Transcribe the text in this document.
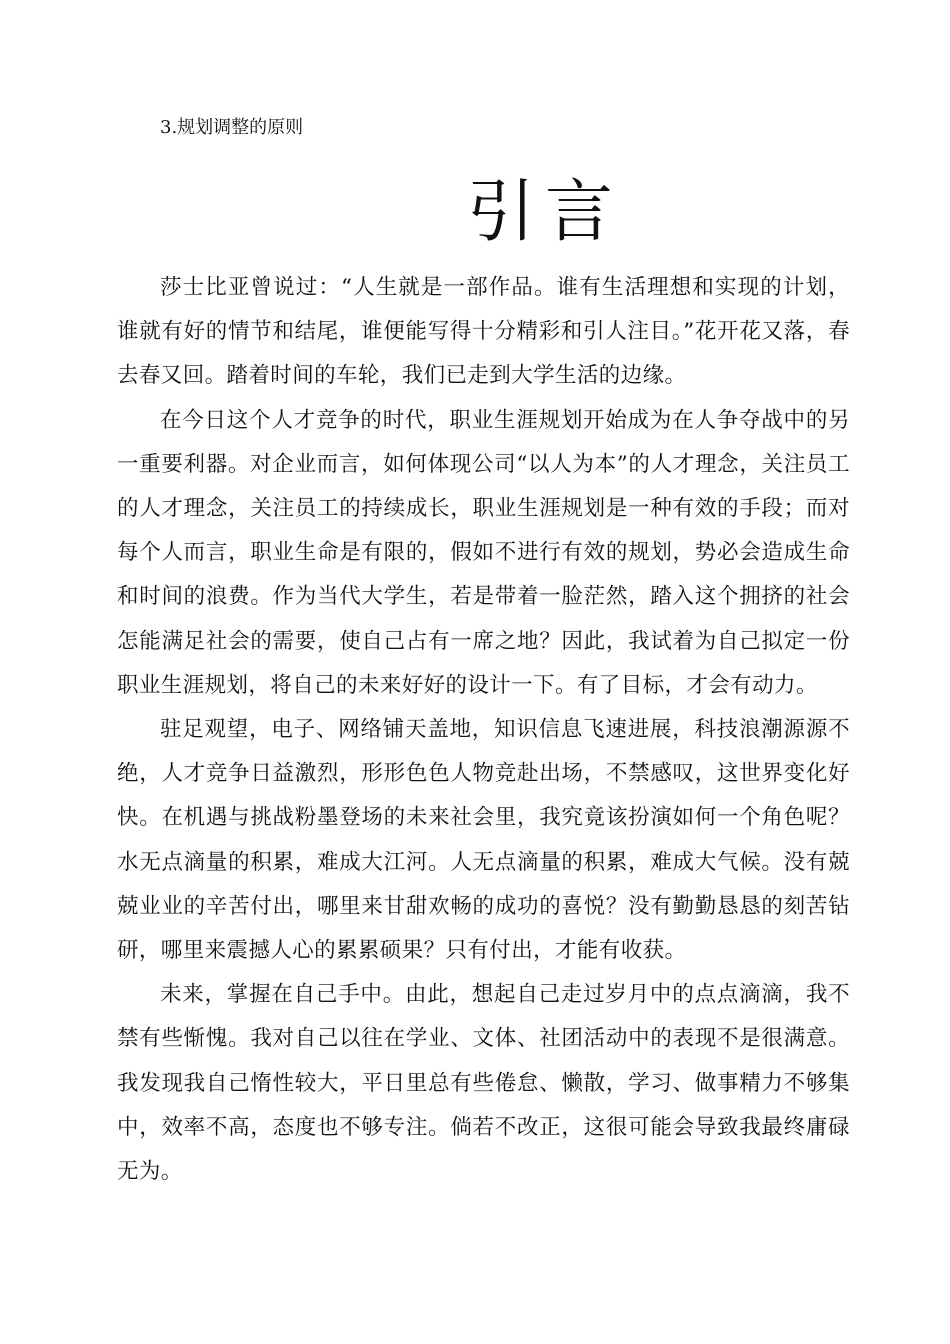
3.规划调整的原则
引言

莎士比亚曾说过：“人生就是一部作品。谁有生活理想和实现的计划，谁就有好的情节和结尾，谁便能写得十分精彩和引人注目。”花开花又落，春去春又回。踏着时间的车轮，我们已走到大学生活的边缘。

在今日这个人才竞争的时代，职业生涯规划开始成为在人争夺战中的另一重要利器。对企业而言，如何体现公司“以人为本”的人才理念，关注员工的人才理念，关注员工的持续成长，职业生涯规划是一种有效的手段；而对每个人而言，职业生命是有限的，假如不进行有效的规划，势必会造成生命和时间的浪费。作为当代大学生，若是带着一脸茫然，踏入这个拥挤的社会怎能满足社会的需要，使自己占有一席之地？因此，我试着为自己拟定一份职业生涯规划，将自己的未来好好的设计一下。有了目标，才会有动力。

驻足观望，电子、网络铺天盖地，知识信息飞速进展，科技浪潮源源不绝，人才竞争日益激烈，形形色色人物竞赴出场，不禁感叹，这世界变化好快。在机遇与挑战粉墨登场的未来社会里，我究竟该扮演如何一个角色呢？水无点滴量的积累，难成大江河。人无点滴量的积累，难成大气候。没有兢兢业业的辛苦付出，哪里来甘甜欢畅的成功的喜悦？没有勤勤恳恳的刻苦钻研，哪里来震撼人心的累累硕果？只有付出，才能有收获。

未来，掌握在自己手中。由此，想起自己走过岁月中的点点滴滴，我不禁有些惭愧。我对自己以往在学业、文体、社团活动中的表现不是很满意。我发现我自己惰性较大，平日里总有些倦怠、懒散，学习、做事精力不够集中，效率不高，态度也不够专注。倘若不改正，这很可能会导致我最终庸碌无为。
